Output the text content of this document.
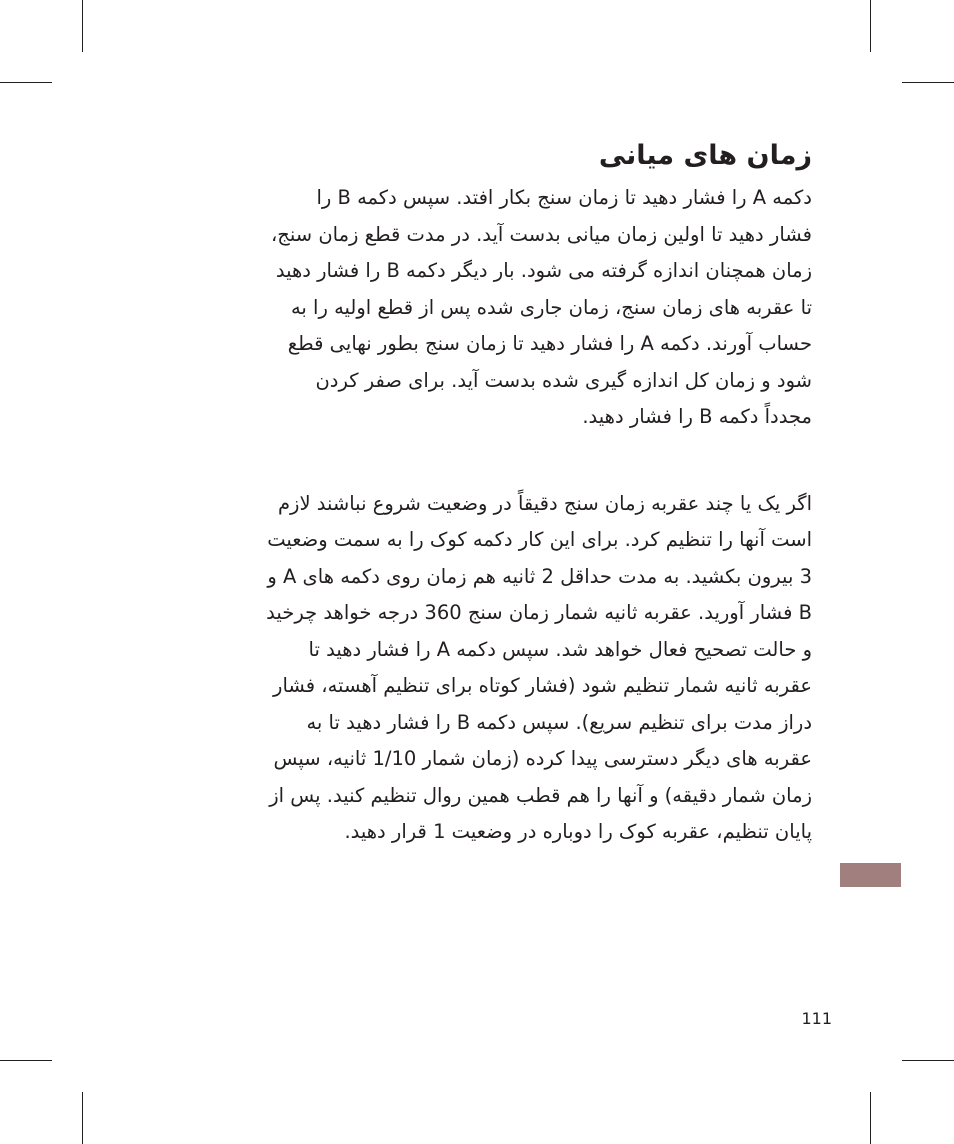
زمان های میانی

دکمه A را فشار دهید تا زمان سنج بکار افتد. سپس دکمه B را
فشار دهید تا اولین زمان میانی بدست آید. در مدت قطع زمان سنج،
زمان همچنان اندازه گرفته می شود. بار دیگر دکمه B را فشار دهید
تا عقربه های زمان سنج، زمان جاری شده پس از قطع اولیه را به
حساب آورند. دکمه A را فشار دهید تا زمان سنج بطور نهایی قطع
شود و زمان کل اندازه گیری شده بدست آید. برای صفر کردن
مجدداً دکمه B را فشار دهید.

اگر یک یا چند عقربه زمان سنج دقیقاً در وضعیت شروع نباشند لازم
است آنها را تنظیم کرد. برای این کار دکمه کوک را به سمت وضعیت
3 بیرون بکشید. به مدت حداقل 2 ثانیه هم زمان روی دکمه های A و
B فشار آورید. عقربه ثانیه شمار زمان سنج 360 درجه خواهد چرخید
و حالت تصحیح فعال خواهد شد. سپس دکمه A را فشار دهید تا
عقربه ثانیه شمار تنظیم شود (فشار کوتاه برای تنظیم آهسته، فشار
دراز مدت برای تنظیم سریع). سپس دکمه B را فشار دهید تا به
عقربه های دیگر دسترسی پیدا کرده (زمان شمار 1/10 ثانیه، سپس
زمان شمار دقیقه) و آنها را هم قطب همین روال تنظیم کنید. پس از
پایان تنظیم، عقربه کوک را دوباره در وضعیت 1 قرار دهید.

111
